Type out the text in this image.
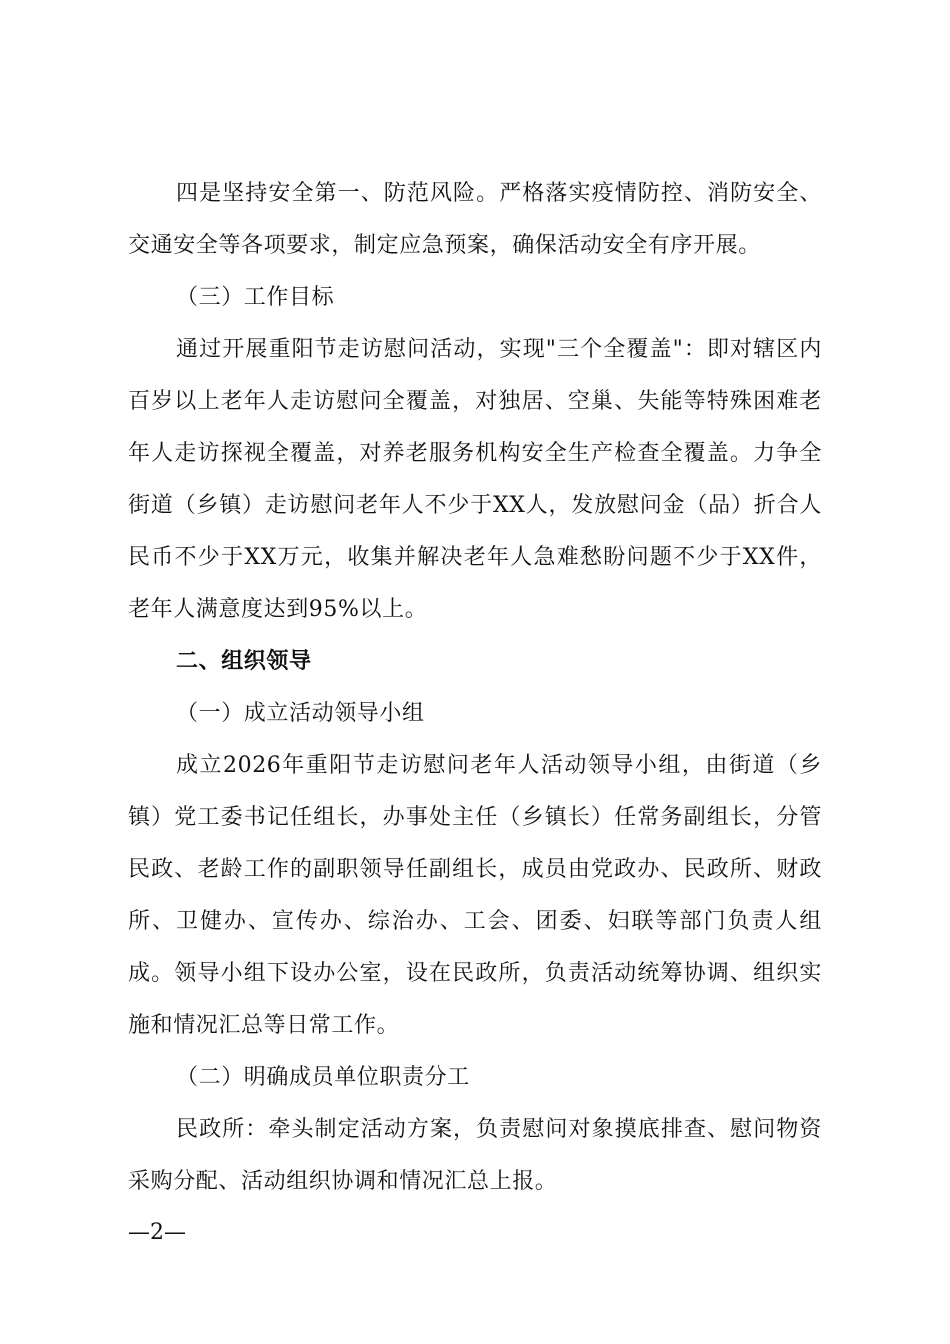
四是坚持安全第一、防范风险。严格落实疫情防控、消防安全、交通安全等各项要求，制定应急预案，确保活动安全有序开展。

（三）工作目标

通过开展重阳节走访慰问活动，实现"三个全覆盖"：即对辖区内百岁以上老年人走访慰问全覆盖，对独居、空巢、失能等特殊困难老年人走访探视全覆盖，对养老服务机构安全生产检查全覆盖。力争全街道（乡镇）走访慰问老年人不少于XX人，发放慰问金（品）折合人民币不少于XX万元，收集并解决老年人急难愁盼问题不少于XX件，老年人满意度达到95%以上。

二、组织领导

（一）成立活动领导小组

成立2026年重阳节走访慰问老年人活动领导小组，由街道（乡镇）党工委书记任组长，办事处主任（乡镇长）任常务副组长，分管民政、老龄工作的副职领导任副组长，成员由党政办、民政所、财政所、卫健办、宣传办、综治办、工会、团委、妇联等部门负责人组成。领导小组下设办公室，设在民政所，负责活动统筹协调、组织实施和情况汇总等日常工作。

（二）明确成员单位职责分工

民政所：牵头制定活动方案，负责慰问对象摸底排查、慰问物资采购分配、活动组织协调和情况汇总上报。

—2—
